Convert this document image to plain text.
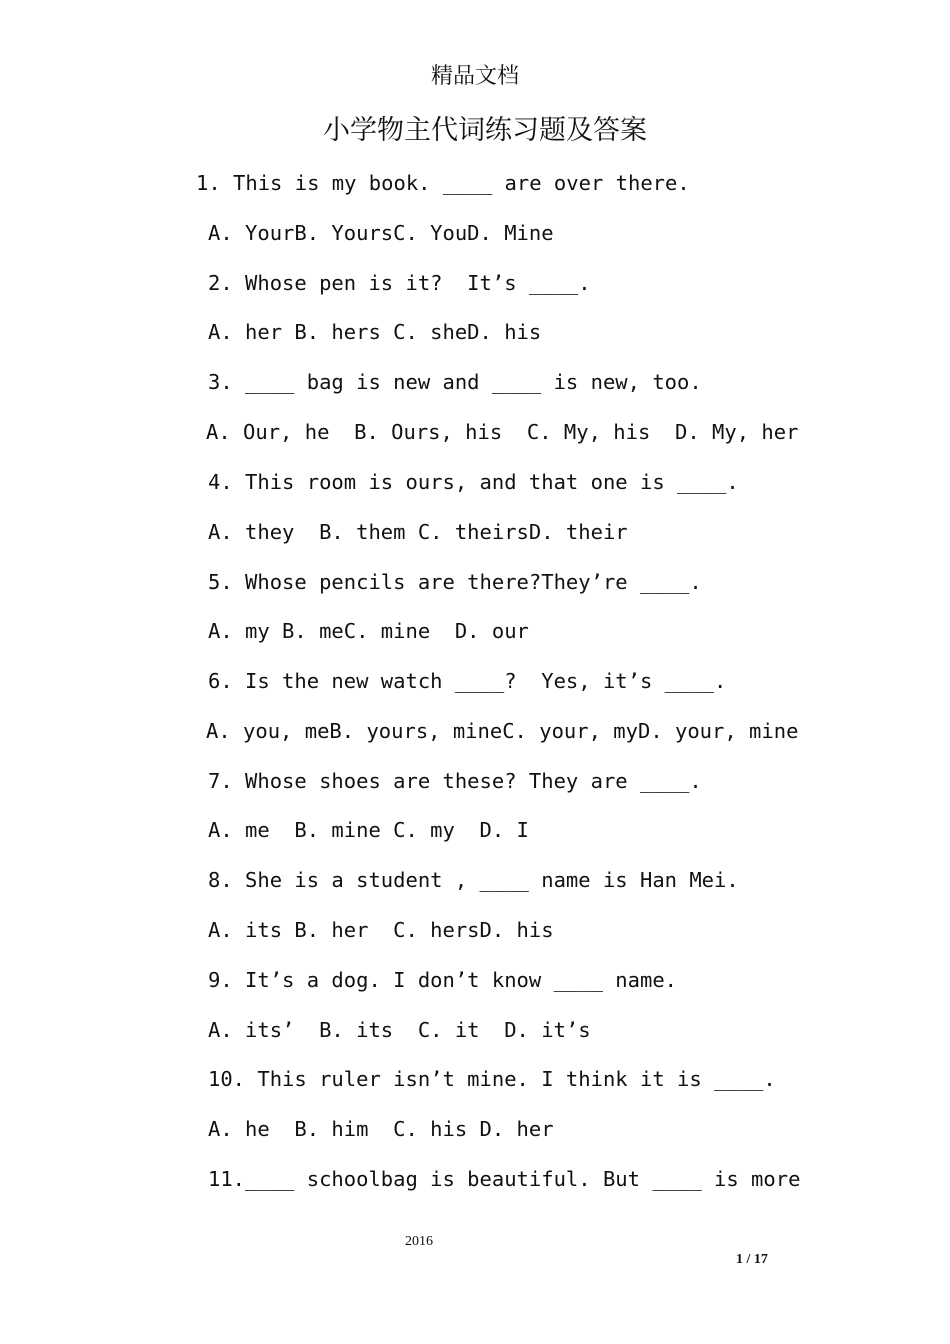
精品文档
小学物主代词练习题及答案
1. This is my book. ____ are over there.
A. YourB. YoursC. YouD. Mine
2. Whose pen is it?  It’s ____.
A. her B. hers C. sheD. his
3. ____ bag is new and ____ is new, too.
A. Our, he  B. Ours, his  C. My, his  D. My, her
4. This room is ours, and that one is ____.
A. they  B. them C. theirsD. their
5. Whose pencils are there?They’re ____.
A. my B. meC. mine  D. our
6. Is the new watch ____?  Yes, it’s ____.
A. you, meB. yours, mineC. your, myD. your, mine
7. Whose shoes are these? They are ____.
A. me  B. mine C. my  D. I
8. She is a student , ____ name is Han Mei.
A. its B. her  C. hersD. his
9. It’s a dog. I don’t know ____ name.
A. its’  B. its  C. it  D. it’s
10. This ruler isn’t mine. I think it is ____.
A. he  B. him  C. his D. her
11.____ schoolbag is beautiful. But ____ is more
2016
1 / 17
